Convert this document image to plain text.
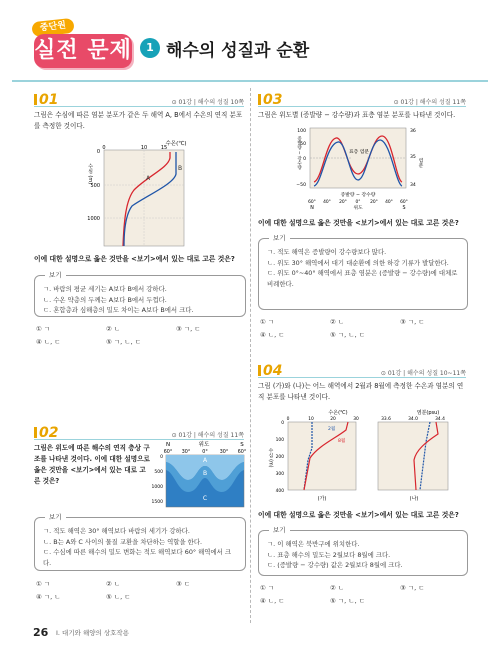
중단원
실전 문제	1 해수의 성질과 순환
01	⊙ 01강 | 해수의 성질 10쪽
그림은 수심에 따른 염분 분포가 같은 두 해역 A, B에서 수온의 연직 분포를 측정한 것이다.
수온(℃)
0	10	15
0
500
1000
수심 (m)	A
B
이에 대한 설명으로 옳은 것만을 <보기>에서 있는 대로 고른 것은?
보기
ㄱ. 바람의 평균 세기는 A보다 B에서 강하다.
ㄴ. 수온 약층의 두께는 A보다 B에서 두껍다.
ㄷ. 혼합층과 심해층의 밀도 차이는 A보다 B에서 크다.
① ㄱ	② ㄴ	③ ㄱ, ㄷ
④ ㄴ, ㄷ	⑤ ㄱ, ㄴ, ㄷ
02	⊙ 01강 | 해수의 성질 11쪽
그림은 위도에 따른 해수의 연직 층상 구조를 나타낸 것이다. 이에 대한 설명으로 옳은 것만을 <보기>에서 있는 대로 고른 것은?
위도
N	S
60° 30°	0°	30° 60°
A
B
C
0
500
1000
1500
보기
ㄱ. 적도 해역은 30° 해역보다 바람의 세기가 강하다.
ㄴ. B는 A와 C 사이의 물질 교환을 차단하는 역할을 한다.
ㄷ. 수심에 따른 해수의 밀도 변화는 적도 해역보다 60° 해역에서 크다.
① ㄱ	② ㄴ	③ ㄷ
④ ㄱ, ㄴ	⑤ ㄴ, ㄷ
03	⊙ 01강 | 해수의 성질 11쪽
그림은 위도별 (증발량 − 강수량)과 표층 염분 분포를 나타낸 것이다.
표층 염분
증발량 − 강수량
100
50
0
−50
36
35
34
염분
증발량 − 강수량
60° 40° 20° 0° 20° 40° 60°
N	위도	S
이에 대한 설명으로 옳은 것만을 <보기>에서 있는 대로 고른 것은?
보기
ㄱ. 적도 해역은 증발량이 강수량보다 많다.
ㄴ. 위도 30° 해역에서 대기 대순환에 의한 하강 기류가 발달한다.
ㄷ. 위도 0°~40° 해역에서 표층 염분은 (증발량 − 강수량)에 대체로 비례한다.
① ㄱ	② ㄴ	③ ㄱ, ㄷ
④ ㄴ, ㄷ	⑤ ㄱ, ㄴ, ㄷ
04	⊙ 01강 | 해수의 성질 10~11쪽
그림 (가)와 (나)는 어느 해역에서 2월과 8월에 측정한 수온과 염분의 연직 분포를 나타낸 것이다.
수심 (m)
수온(℃)
0	10	20	30
0
100
200
300
400
2월
8월
(가)
염분(psu)
33.6	34.0	34.4
(나)
이에 대한 설명으로 옳은 것만을 <보기>에서 있는 대로 고른 것은?
보기
ㄱ. 이 해역은 북반구에 위치한다.
ㄴ. 표층 해수의 밀도는 2월보다 8월에 크다.
ㄷ. (증발량 − 강수량) 값은 2월보다 8월에 크다.
① ㄱ	② ㄴ	③ ㄱ, ㄷ
④ ㄴ, ㄷ	⑤ ㄱ, ㄴ, ㄷ
26 Ⅰ. 대기와 해양의 상호작용
